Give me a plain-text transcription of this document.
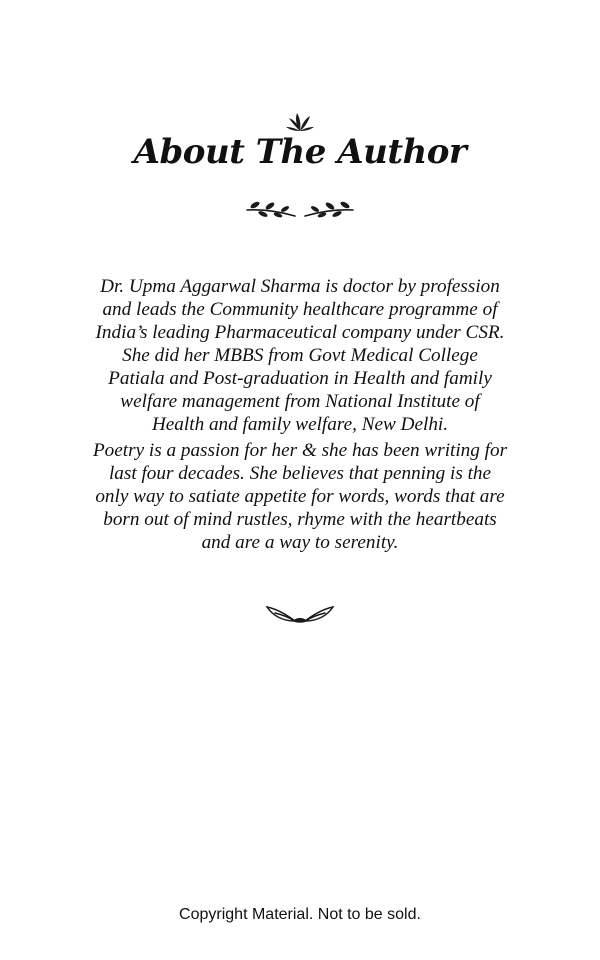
About The Author

Dr. Upma Aggarwal Sharma is doctor by profession and leads the Community healthcare programme of India’s leading Pharmaceutical company under CSR. She did her MBBS from Govt Medical College Patiala and Post-graduation in Health and family welfare management from National Institute of Health and family welfare, New Delhi.

Poetry is a passion for her & she has been writing for last four decades. She believes that penning is the only way to satiate appetite for words, words that are born out of mind rustles, rhyme with the heartbeats and are a way to serenity.

Copyright Material. Not to be sold.
